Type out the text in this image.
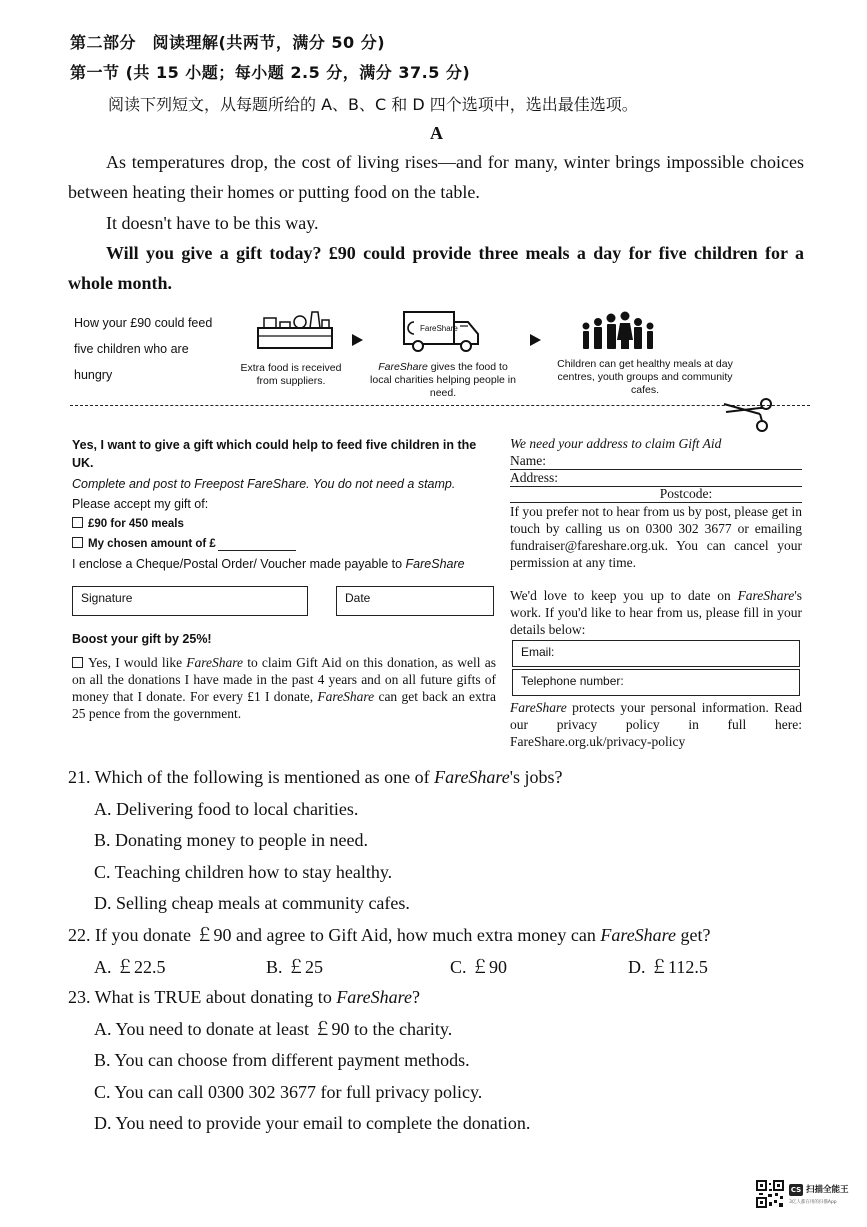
第二部分　阅读理解(共两节，满分 50 分)
第一节 (共 15 小题；每小题 2.5 分，满分 37.5 分)
阅读下列短文，从每题所给的 A、B、C 和 D 四个选项中，选出最佳选项。
A
As temperatures drop, the cost of living rises—and for many, winter brings impossible choices between heating their homes or putting food on the table.
It doesn't have to be this way.
Will you give a gift today? £90 could provide three meals a day for five children for a whole month.
How your £90 could feed five children who are hungry	Extra food is received from suppliers.
FareShare
FareShare gives the food to local charities helping people in need.
Children can get healthy meals at day centres, youth groups and community cafes.
Yes, I want to give a gift which could help to feed five children in the UK.
Complete and post to Freepost FareShare. You do not need a stamp.
Please accept my gift of:
£90 for 450 meals
My chosen amount of £
I enclose a Cheque/Postal Order/ Voucher made payable to FareShare
Signature	Date
Boost your gift by 25%!
Yes, I would like FareShare to claim Gift Aid on this donation, as well as on all the donations I have made in the past 4 years and on all future gifts of money that I donate. For every £1 I donate, FareShare can get back an extra 25 pence from the government.
We need your address to claim Gift Aid
Name:
Address:
Postcode:
If you prefer not to hear from us by post, please get in touch by calling us on 0300 302 3677 or emailing fundraiser@fareshare.org.uk. You can cancel your permission at any time.
We'd love to keep you up to date on FareShare's work. If you'd like to hear from us, please fill in your details below:
Email:
Telephone number:
FareShare protects your personal information. Read our privacy policy in full here: FareShare.org.uk/privacy-policy
21. Which of the following is mentioned as one of FareShare's jobs?
A. Delivering food to local charities.
B. Donating money to people in need.
C. Teaching children how to stay healthy.
D. Selling cheap meals at community cafes.
22. If you donate ￡90 and agree to Gift Aid, how much extra money can FareShare get?
A. ￡22.5	B. ￡25	C. ￡90	D. ￡112.5
23. What is TRUE about donating to FareShare?
A. You need to donate at least ￡90 to the charity.
B. You can choose from different payment methods.
C. You can call 0300 302 3677 for full privacy policy.
D. You need to provide your email to complete the donation.
CS 扫描全能王
3亿人都在用的扫描App
